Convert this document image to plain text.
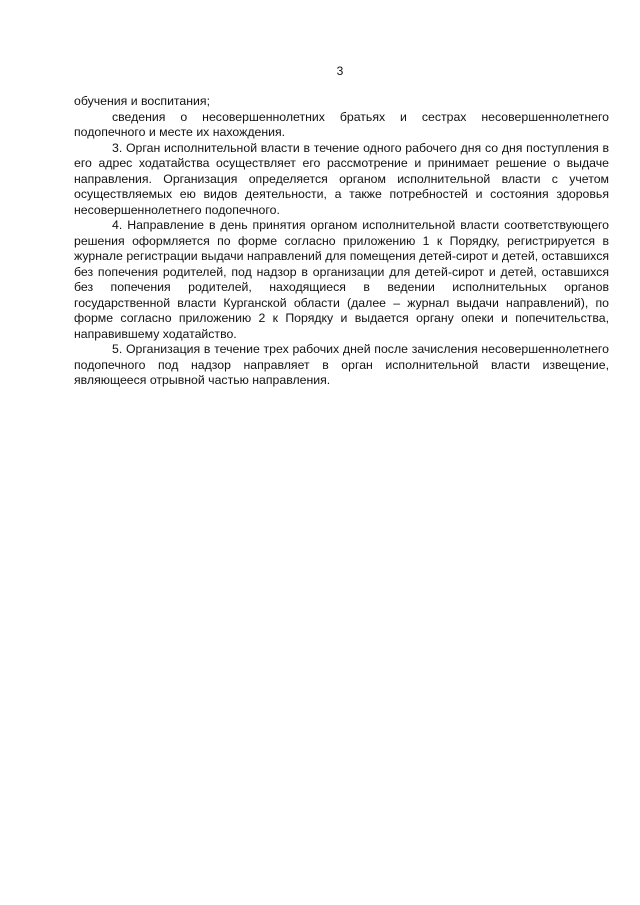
3

обучения и воспитания;

сведения о несовершеннолетних братьях и сестрах несовершеннолетнего подопечного и месте их нахождения.

3. Орган исполнительной власти в течение одного рабочего дня со дня поступления в его адрес ходатайства осуществляет его рассмотрение и принимает решение о выдаче направления. Организация определяется органом исполнительной власти с учетом осуществляемых ею видов деятельности, а также потребностей и состояния здоровья несовершеннолетнего подопечного.

4. Направление в день принятия органом исполнительной власти соответствующего решения оформляется по форме согласно приложению 1 к Порядку, регистрируется в журнале регистрации выдачи направлений для помещения детей-сирот и детей, оставшихся без попечения родителей, под надзор в организации для детей-сирот и детей, оставшихся без попечения родителей, находящиеся в ведении исполнительных органов государственной власти Курганской области (далее – журнал выдачи направлений), по форме согласно приложению 2 к Порядку и выдается органу опеки и попечительства, направившему ходатайство.

5. Организация в течение трех рабочих дней после зачисления несовершеннолетнего подопечного под надзор направляет в орган исполнительной власти извещение, являющееся отрывной частью направления.
